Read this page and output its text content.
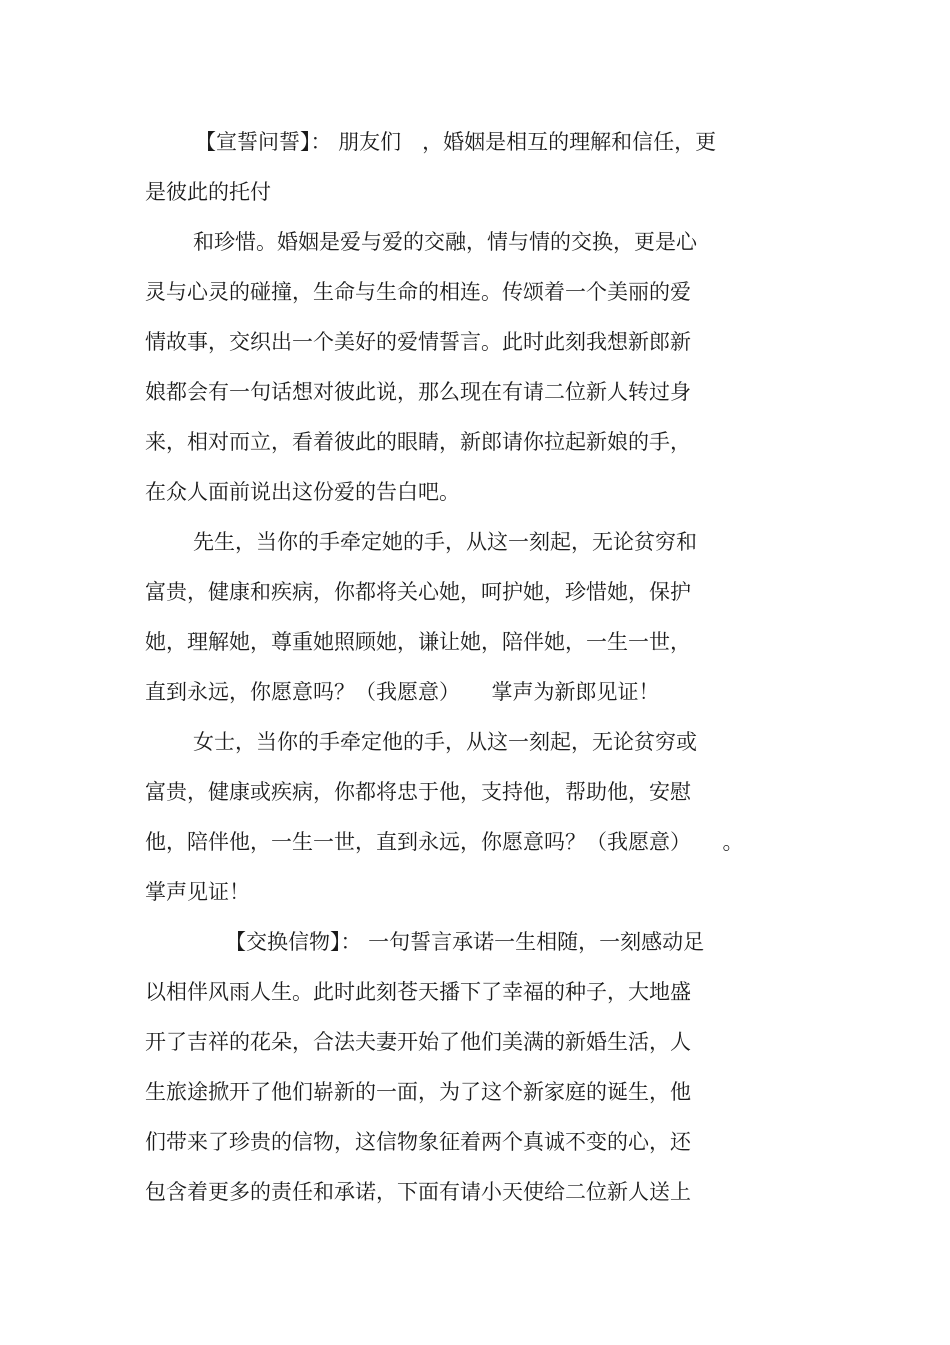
【宣誓问誓】： 朋友们　，婚姻是相互的理解和信任，更
是彼此的托付
和珍惜。婚姻是爱与爱的交融，情与情的交换，更是心
灵与心灵的碰撞，生命与生命的相连。传颂着一个美丽的爱
情故事，交织出一个美好的爱情誓言。此时此刻我想新郎新
娘都会有一句话想对彼此说，那么现在有请二位新人转过身
来，相对而立，看着彼此的眼睛，新郎请你拉起新娘的手，
在众人面前说出这份爱的告白吧。
先生，当你的手牵定她的手，从这一刻起，无论贫穷和
富贵，健康和疾病，你都将关心她，呵护她，珍惜她，保护
她，理解她，尊重她照顾她，谦让她，陪伴她，一生一世，
直到永远，你愿意吗？（我愿意）　　掌声为新郎见证！
女士，当你的手牵定他的手，从这一刻起，无论贫穷或
富贵，健康或疾病，你都将忠于他，支持他，帮助他，安慰
他，陪伴他，一生一世，直到永远，你愿意吗？（我愿意）　　。
掌声见证！
【交换信物】： 一句誓言承诺一生相随，一刻感动足
以相伴风雨人生。此时此刻苍天播下了幸福的种子，大地盛
开了吉祥的花朵，合法夫妻开始了他们美满的新婚生活，人
生旅途掀开了他们崭新的一面，为了这个新家庭的诞生，他
们带来了珍贵的信物，这信物象征着两个真诚不变的心，还
包含着更多的责任和承诺，下面有请小天使给二位新人送上
